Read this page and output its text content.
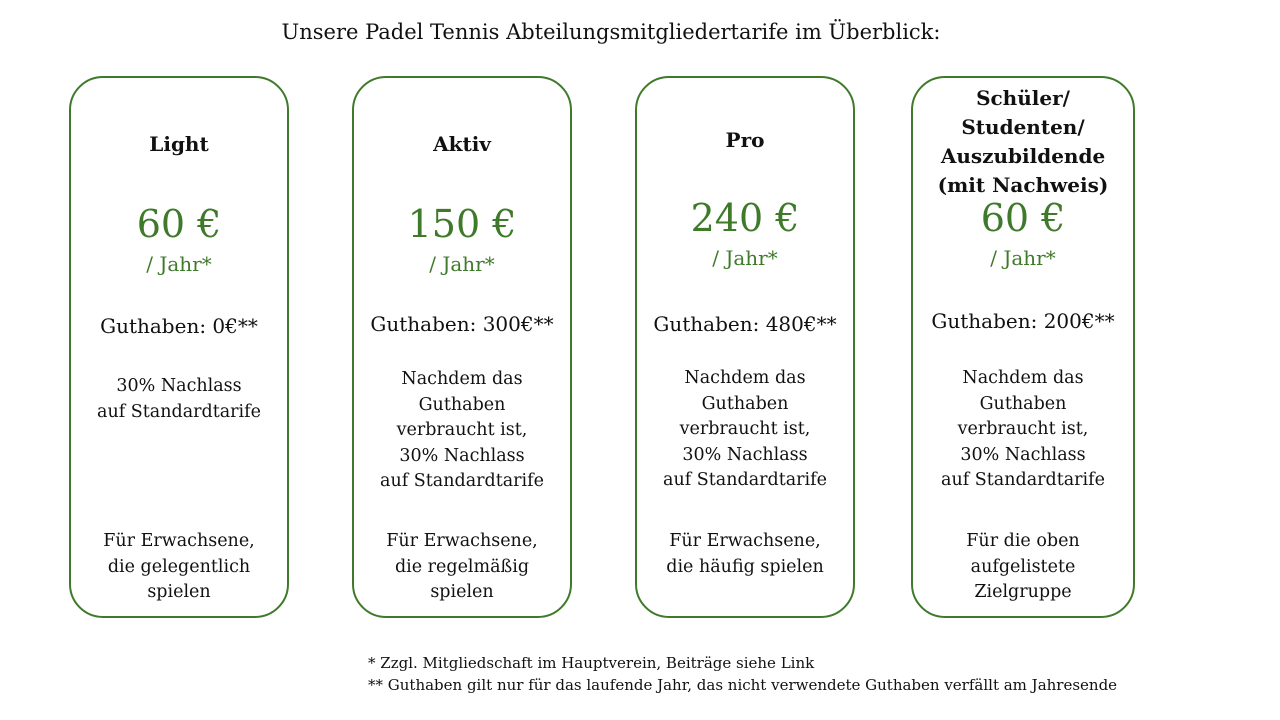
Unsere Padel Tennis Abteilungsmitgliedertarife im Überblick:
Light
60 €
/ Jahr*
Guthaben: 0€**
30% Nachlass
auf Standardtarife
Für Erwachsene,
die gelegentlich
spielen
Aktiv
150 €
/ Jahr*
Guthaben: 300€**
Nachdem das
Guthaben
verbraucht ist,
30% Nachlass
auf Standardtarife
Für Erwachsene,
die regelmäßig
spielen
Pro
240 €
/ Jahr*
Guthaben: 480€**
Nachdem das
Guthaben
verbraucht ist,
30% Nachlass
auf Standardtarife
Für Erwachsene,
die häufig spielen
Schüler/
Studenten/
Auszubildende
(mit Nachweis)
60 €
/ Jahr*
Guthaben: 200€**
Nachdem das
Guthaben
verbraucht ist,
30% Nachlass
auf Standardtarife
Für die oben
aufgelistete
Zielgruppe
* Zzgl. Mitgliedschaft im Hauptverein, Beiträge siehe Link
** Guthaben gilt nur für das laufende Jahr, das nicht verwendete Guthaben verfällt am Jahresende
